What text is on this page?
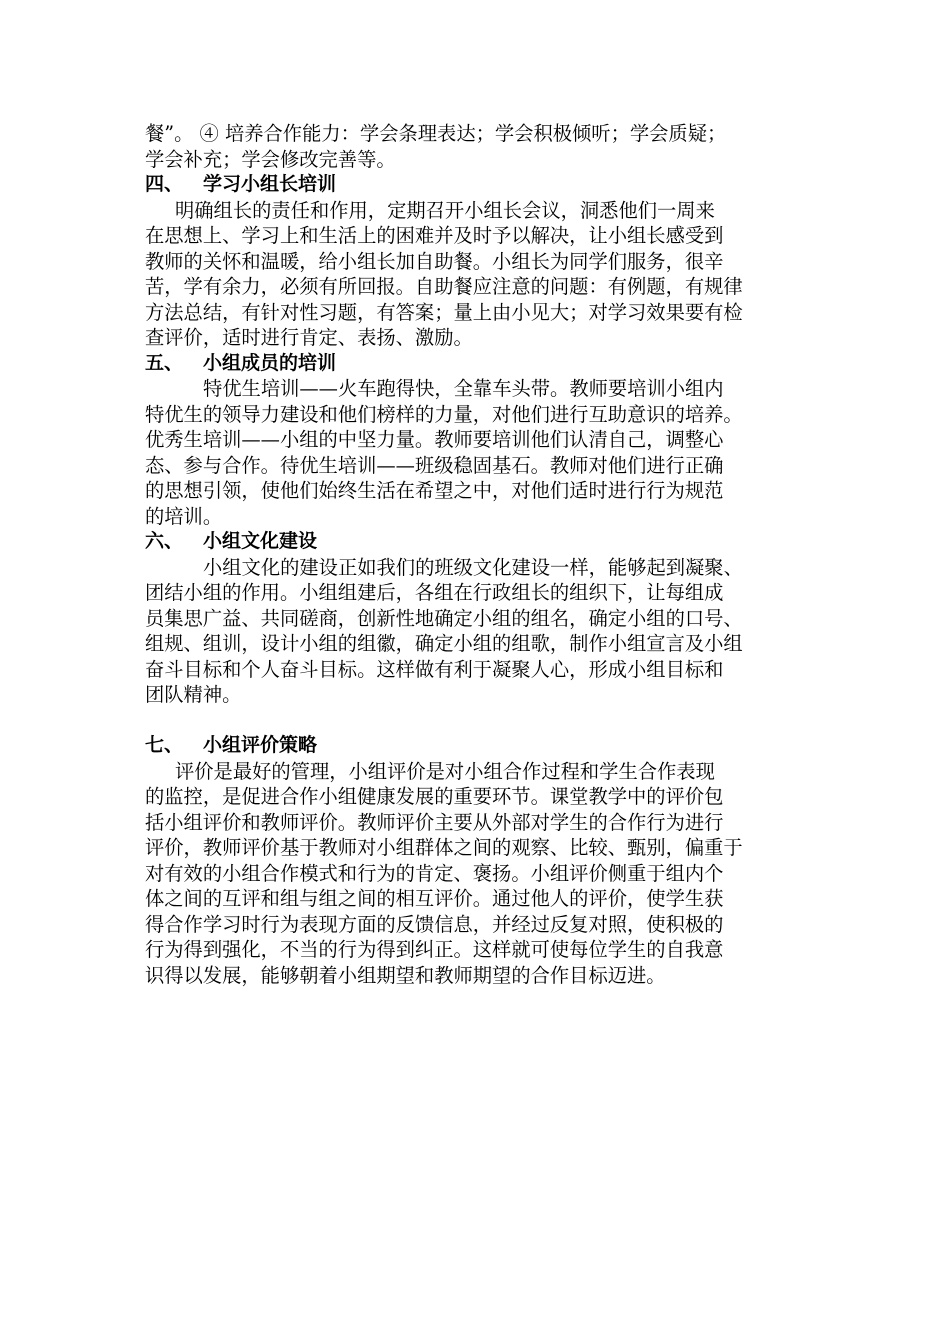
餐”。 ④ 培养合作能力：学会条理表达；学会积极倾听；学会质疑；
学会补充；学会修改完善等。
四、 学习小组长培训
明确组长的责任和作用，定期召开小组长会议，洞悉他们一周来
在思想上、学习上和生活上的困难并及时予以解决，让小组长感受到
教师的关怀和温暖，给小组长加自助餐。小组长为同学们服务，很辛
苦，学有余力，必须有所回报。自助餐应注意的问题：有例题，有规律
方法总结，有针对性习题，有答案；量上由小见大；对学习效果要有检
查评价，适时进行肯定、表扬、激励。
五、 小组成员的培训
特优生培训——火车跑得快，全靠车头带。教师要培训小组内
特优生的领导力建设和他们榜样的力量，对他们进行互助意识的培养。
优秀生培训——小组的中坚力量。教师要培训他们认清自己，调整心
态、参与合作。待优生培训——班级稳固基石。教师对他们进行正确
的思想引领，使他们始终生活在希望之中，对他们适时进行行为规范
的培训。
六、 小组文化建设
小组文化的建设正如我们的班级文化建设一样，能够起到凝聚、
团结小组的作用。小组组建后，各组在行政组长的组织下，让每组成
员集思广益、共同磋商，创新性地确定小组的组名，确定小组的口号、
组规、组训，设计小组的组徽，确定小组的组歌，制作小组宣言及小组
奋斗目标和个人奋斗目标。这样做有利于凝聚人心，形成小组目标和
团队精神。
七、 小组评价策略
评价是最好的管理，小组评价是对小组合作过程和学生合作表现
的监控，是促进合作小组健康发展的重要环节。课堂教学中的评价包
括小组评价和教师评价。教师评价主要从外部对学生的合作行为进行
评价，教师评价基于教师对小组群体之间的观察、比较、甄别，偏重于
对有效的小组合作模式和行为的肯定、褒扬。小组评价侧重于组内个
体之间的互评和组与组之间的相互评价。通过他人的评价，使学生获
得合作学习时行为表现方面的反馈信息，并经过反复对照，使积极的
行为得到强化，不当的行为得到纠正。这样就可使每位学生的自我意
识得以发展，能够朝着小组期望和教师期望的合作目标迈进。
